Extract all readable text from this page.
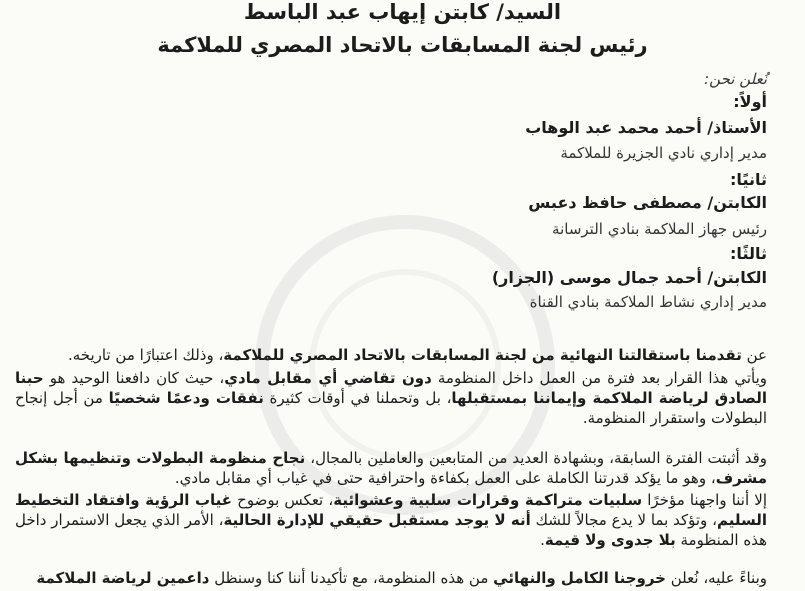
السيد/ كابتن إيهاب عبد الباسط
رئيس لجنة المسابقات بالاتحاد المصري للملاكمة
نُعلن نحن:
أولاً:
الأستاذ/ أحمد محمد عبد الوهاب
مدير إداري نادي الجزيرة للملاكمة
ثانيًا:
الكابتن/ مصطفى حافظ دعبس
رئيس جهاز الملاكمة بنادي الترسانة
ثالثًا:
الكابتن/ أحمد جمال موسى (الجزار)
مدير إداري نشاط الملاكمة بنادي القناة
عن تقدمنا باستقالتنا النهائية من لجنة المسابقات بالاتحاد المصري للملاكمة، وذلك اعتبارًا من تاريخه.
ويأتي هذا القرار بعد فترة من العمل داخل المنظومة دون تقاضي أي مقابل مادي، حيث كان دافعنا الوحيد هو حبنا الصادق لرياضة الملاكمة وإيماننا بمستقبلها، بل وتحملنا في أوقات كثيرة نفقات ودعمًا شخصيًا من أجل إنجاح البطولات واستقرار المنظومة.
وقد أثبتت الفترة السابقة، وبشهادة العديد من المتابعين والعاملين بالمجال، نجاح منظومة البطولات وتنظيمها بشكل مشرف، وهو ما يؤكد قدرتنا الكاملة على العمل بكفاءة واحترافية حتى في غياب أي مقابل مادي.
إلا أننا واجهنا مؤخرًا سلبيات متراكمة وقرارات سلبية وعشوائية، تعكس بوضوح غياب الرؤية وافتقاد التخطيط السليم، وتؤكد بما لا يدع مجالاً للشك أنه لا يوجد مستقبل حقيقي للإدارة الحالية، الأمر الذي يجعل الاستمرار داخل هذه المنظومة بلا جدوى ولا قيمة.
وبناءً عليه، نُعلن خروجنا الكامل والنهائي من هذه المنظومة، مع تأكيدنا أننا كنا وسنظل داعمين لرياضة الملاكمة
